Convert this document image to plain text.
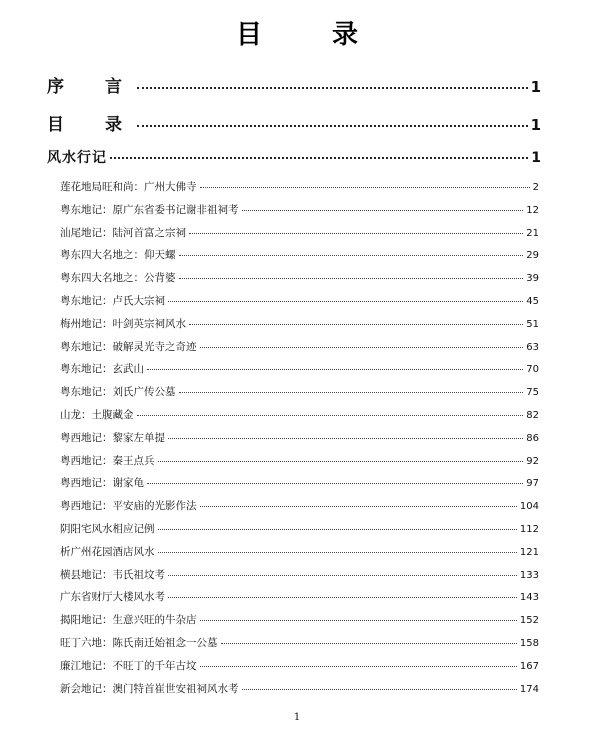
目　录
序　言	1
目　录	1
风水行记	1
莲花地局旺和尚：广州大佛寺	2
粤东地记：原广东省委书记谢非祖祠考	12
汕尾地记：陆河首富之宗祠	21
粤东四大名地之：仰天螺	29
粤东四大名地之：公背婆	39
粤东地记：卢氏大宗祠	45
梅州地记：叶剑英宗祠风水	51
粤东地记：破解灵光寺之奇迹	63
粤东地记：玄武山	70
粤东地记：刘氏广传公墓	75
山龙：土腹藏金	82
粤西地记：黎家左单提	86
粤西地记：秦王点兵	92
粤西地记：谢家龟	97
粤西地记：平安庙的光影作法	104
阴阳宅风水相应记例	112
析广州花园酒店风水	121
横县地记：韦氏祖坟考	133
广东省财厅大楼风水考	143
揭阳地记：生意兴旺的牛杂店	152
旺丁六地：陈氏南迁始祖念一公墓	158
廉江地记：不旺丁的千年古坟	167
新会地记：澳门特首崔世安祖祠风水考	174
1
